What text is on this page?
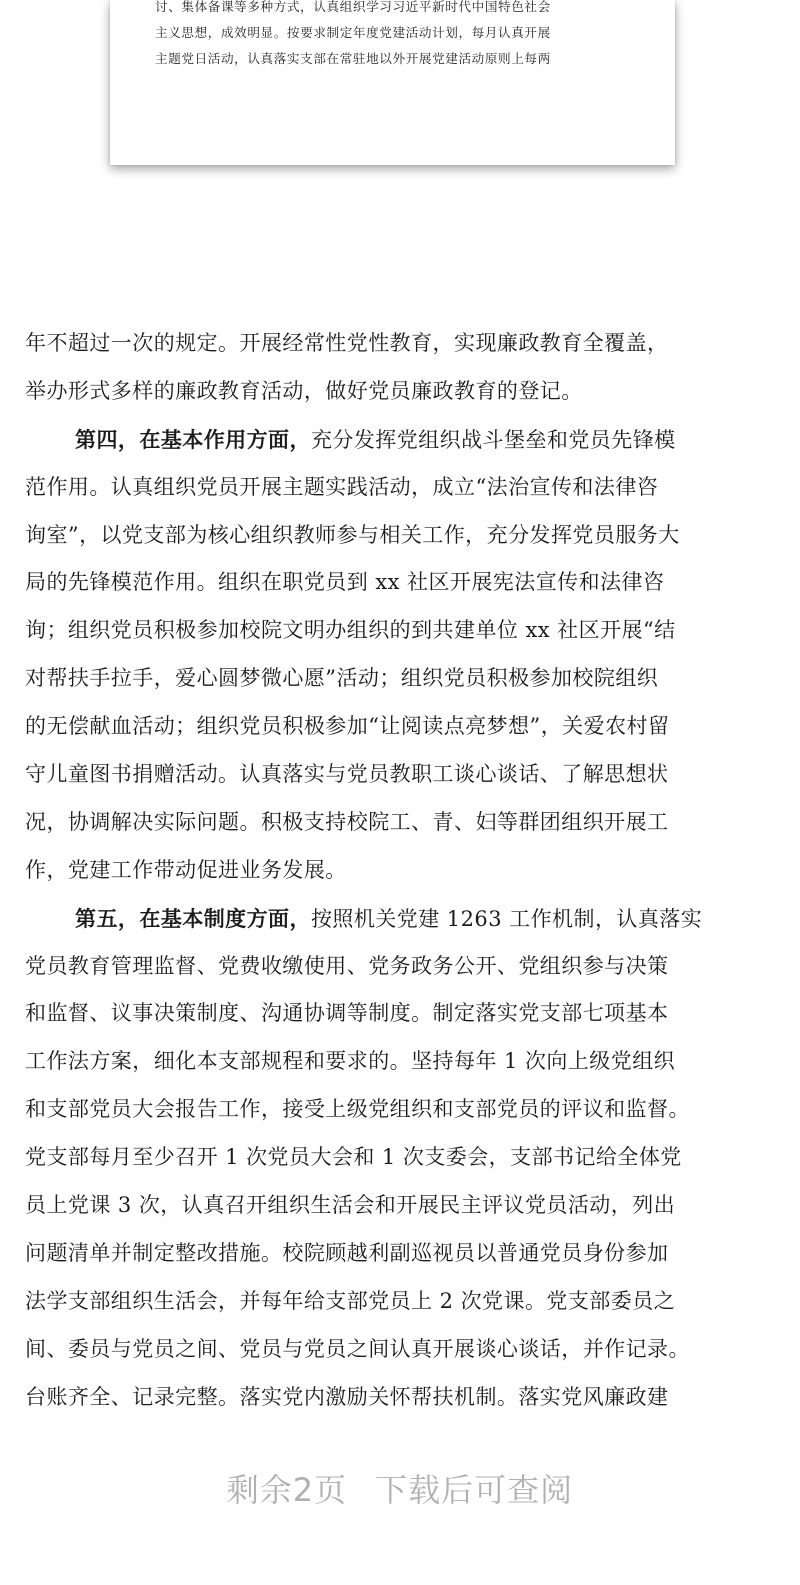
讨、集体备课等多种方式，认真组织学习习近平新时代中国特色社会
主义思想，成效明显。按要求制定年度党建活动计划，每月认真开展
主题党日活动，认真落实支部在常驻地以外开展党建活动原则上每两
年不超过一次的规定。开展经常性党性教育，实现廉政教育全覆盖，
举办形式多样的廉政教育活动，做好党员廉政教育的登记。
第四，在基本作用方面，充分发挥党组织战斗堡垒和党员先锋模
范作用。认真组织党员开展主题实践活动，成立“法治宣传和法律咨
询室”，以党支部为核心组织教师参与相关工作，充分发挥党员服务大
局的先锋模范作用。组织在职党员到 xx 社区开展宪法宣传和法律咨
询；组织党员积极参加校院文明办组织的到共建单位 xx 社区开展“结
对帮扶手拉手，爱心圆梦微心愿”活动；组织党员积极参加校院组织
的无偿献血活动；组织党员积极参加“让阅读点亮梦想”，关爱农村留
守儿童图书捐赠活动。认真落实与党员教职工谈心谈话、了解思想状
况，协调解决实际问题。积极支持校院工、青、妇等群团组织开展工
作，党建工作带动促进业务发展。
第五，在基本制度方面，按照机关党建 1263 工作机制，认真落实
党员教育管理监督、党费收缴使用、党务政务公开、党组织参与决策
和监督、议事决策制度、沟通协调等制度。制定落实党支部七项基本
工作法方案，细化本支部规程和要求的。坚持每年 1 次向上级党组织
和支部党员大会报告工作，接受上级党组织和支部党员的评议和监督。
党支部每月至少召开 1 次党员大会和 1 次支委会，支部书记给全体党
员上党课 3 次，认真召开组织生活会和开展民主评议党员活动，列出
问题清单并制定整改措施。校院顾越利副巡视员以普通党员身份参加
法学支部组织生活会，并每年给支部党员上 2 次党课。党支部委员之
间、委员与党员之间、党员与党员之间认真开展谈心谈话，并作记录。
台账齐全、记录完整。落实党内激励关怀帮扶机制。落实党风廉政建
剩余2页 下载后可查阅
